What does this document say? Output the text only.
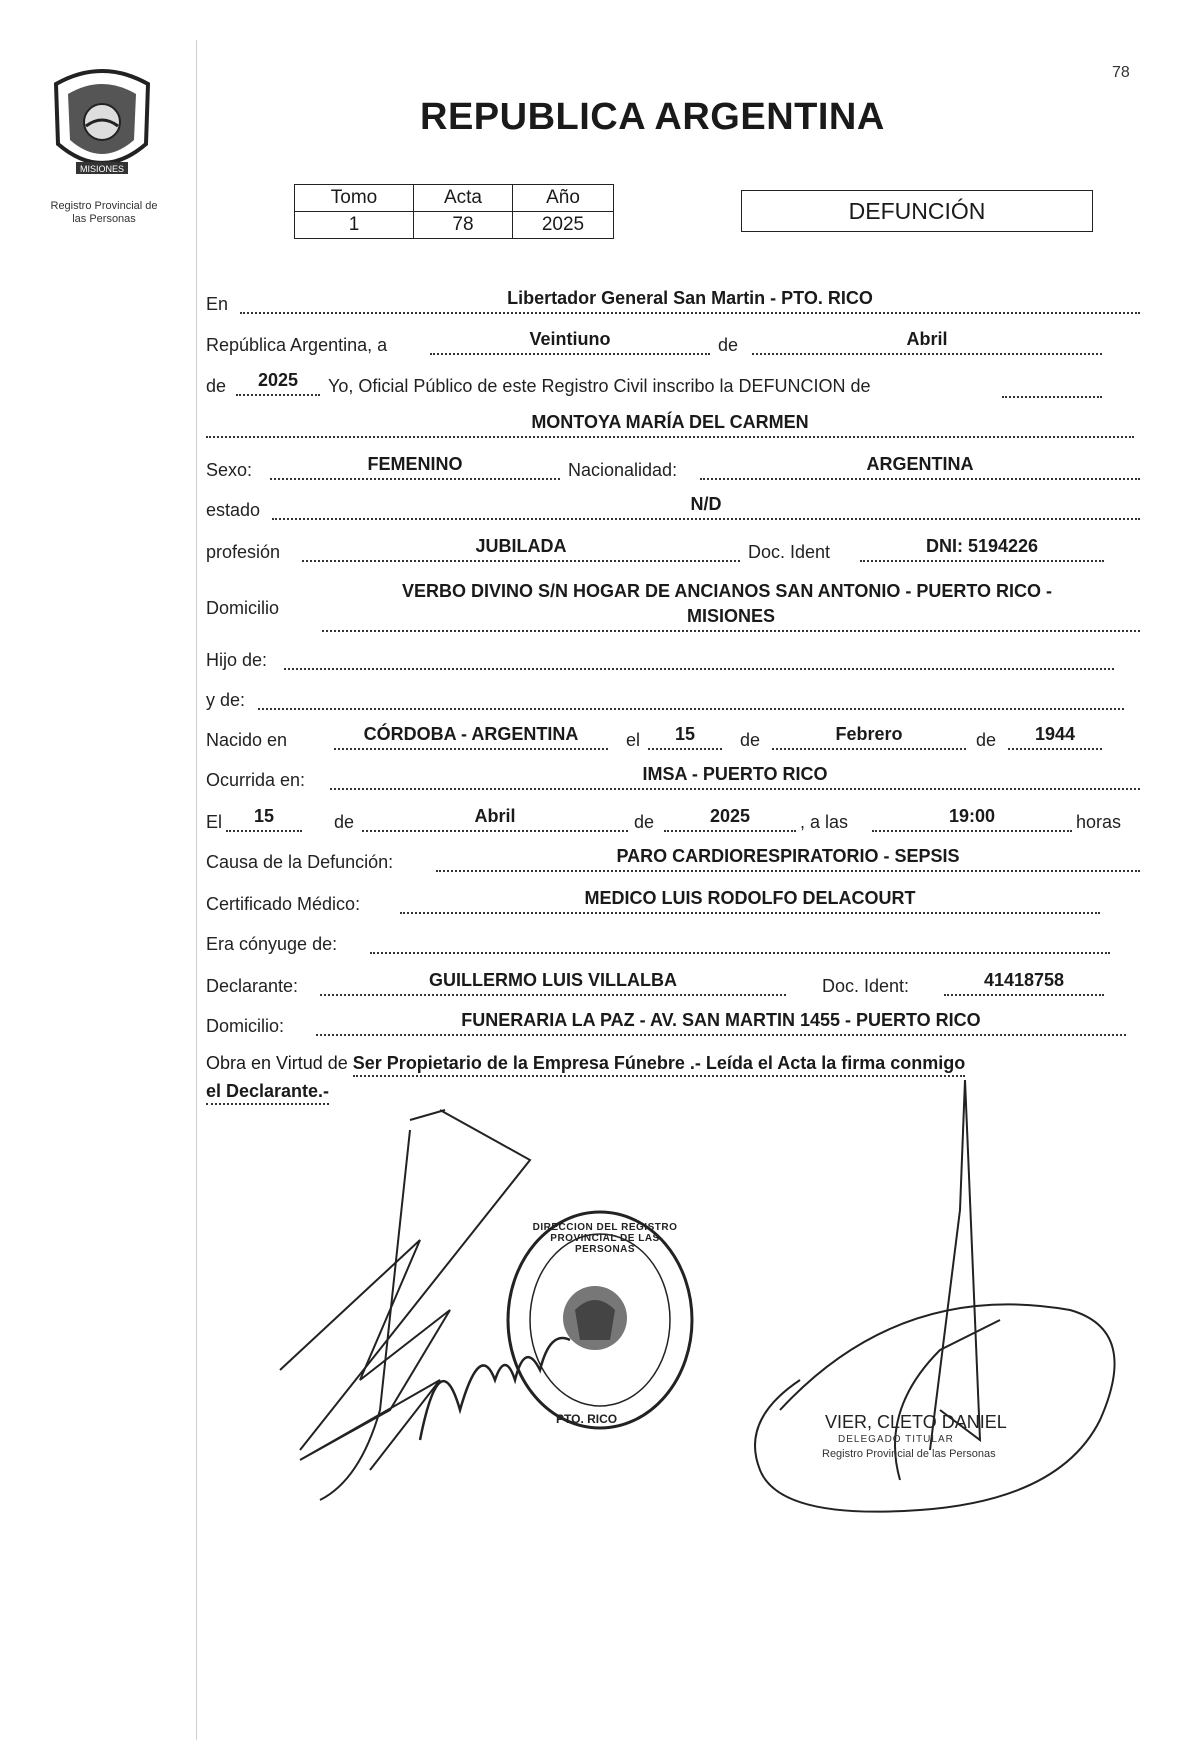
78
MISIONES
Registro Provincial de
las Personas
REPUBLICA ARGENTINA
Tomo	Acta	Año
1	78	2025
DEFUNCIÓN
En	Libertador General San Martin - PTO. RICO
República Argentina, a	Veintiuno	de	Abril
de	2025	Yo, Oficial Público de este Registro Civil inscribo la DEFUNCION de
MONTOYA MARÍA DEL CARMEN
Sexo:	FEMENINO	Nacionalidad:	ARGENTINA
estado	N/D
profesión	JUBILADA	Doc. Ident	DNI: 5194226
Domicilio
VERBO DIVINO S/N HOGAR DE ANCIANOS SAN ANTONIO - PUERTO RICO -
MISIONES
Hijo de:
y de:
Nacido en	CÓRDOBA - ARGENTINA	el	15	de	Febrero	de	1944
Ocurrida en:	IMSA - PUERTO RICO
El	15	de	Abril	de	2025	, a las	19:00	horas
Causa de la Defunción:	PARO CARDIORESPIRATORIO - SEPSIS
Certificado Médico:	MEDICO LUIS RODOLFO DELACOURT
Era cónyuge de:
Declarante:	GUILLERMO LUIS VILLALBA	Doc. Ident:	41418758
Domicilio:	FUNERARIA LA PAZ - AV. SAN MARTIN 1455 - PUERTO RICO
Obra en Virtud de Ser Propietario de la Empresa Fúnebre .- Leída el Acta la firma conmigo
el Declarante.-
DIRECCION DEL REGISTRO PROVINCIAL DE LAS PERSONAS
PTO. RICO	VIER, CLETO DANIEL
DELEGADO TITULAR
Registro Provincial de las Personas
